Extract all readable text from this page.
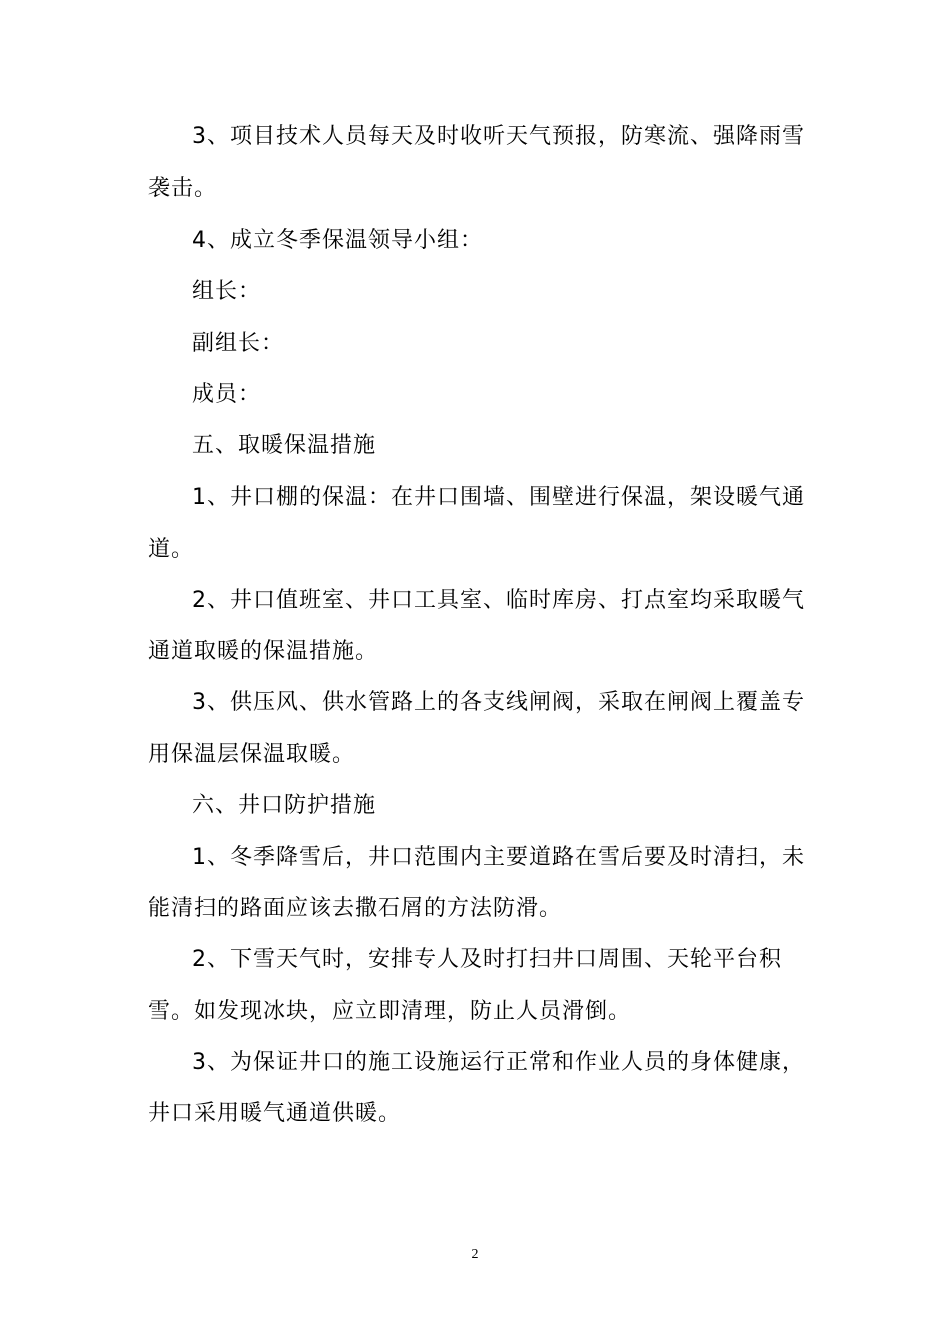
3、项目技术人员每天及时收听天气预报，防寒流、强降雨雪
袭击。
4、成立冬季保温领导小组：
组长：
副组长：
成员：
五、取暖保温措施
1、井口棚的保温：在井口围墙、围壁进行保温，架设暖气通
道。
2、井口值班室、井口工具室、临时库房、打点室均采取暖气
通道取暖的保温措施。
3、供压风、供水管路上的各支线闸阀，采取在闸阀上覆盖专
用保温层保温取暖。
六、井口防护措施
1、冬季降雪后，井口范围内主要道路在雪后要及时清扫，未
能清扫的路面应该去撒石屑的方法防滑。
2、下雪天气时，安排专人及时打扫井口周围、天轮平台积
雪。如发现冰块，应立即清理，防止人员滑倒。
3、为保证井口的施工设施运行正常和作业人员的身体健康，
井口采用暖气通道供暖。
2
